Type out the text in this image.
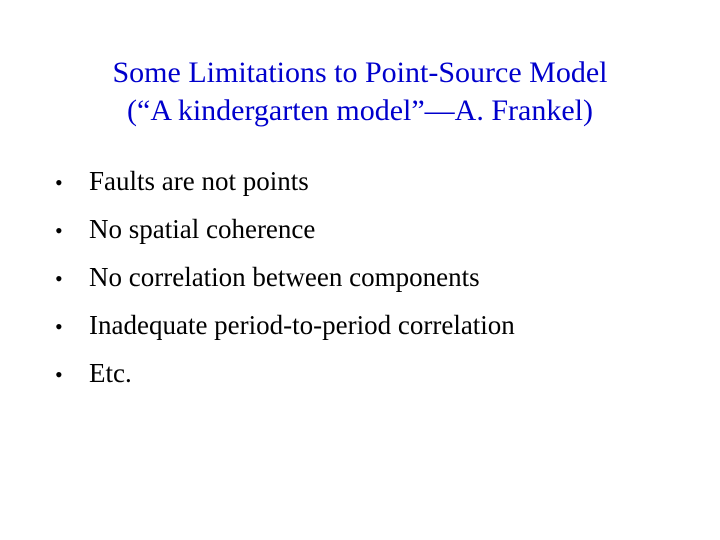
Some Limitations to Point-Source Model
(“A kindergarten model”—A. Frankel)
• Faults are not points
• No spatial coherence
• No correlation between components
• Inadequate period-to-period correlation
• Etc.
